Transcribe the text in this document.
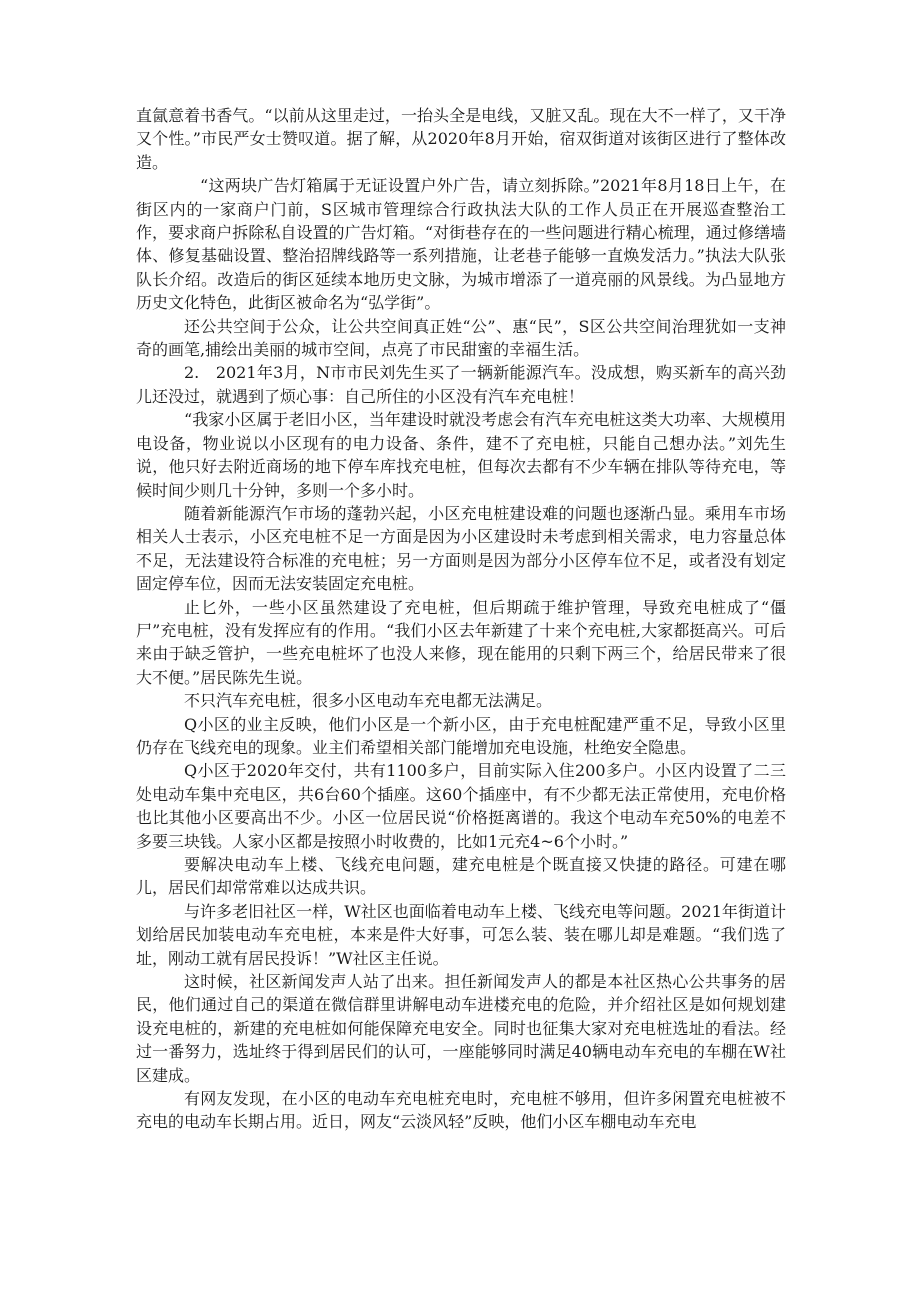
直氤意着书香气。“以前从这里走过，一抬头全是电线，又脏又乱。现在大不一样了，又干净又个性。”市民严女士赞叹道。据了解，从2020年8月开始，宿双街道对该街区进行了整体改造。

“这两块广告灯箱属于无证设置户外广告，请立刻拆除。”2021年8月18日上午，在街区内的一家商户门前，S区城市管理综合行政执法大队的工作人员正在开展巡查整治工作，要求商户拆除私自设置的广告灯箱。“对街巷存在的一些问题进行精心梳理，通过修缮墙体、修复基础设置、整治招牌线路等一系列措施，让老巷子能够一直焕发活力。”执法大队张队长介绍。改造后的街区延续本地历史文脉，为城市增添了一道亮丽的风景线。为凸显地方历史文化特色，此街区被命名为“弘学街”。

还公共空间于公众，让公共空间真正姓“公”、惠“民”，S区公共空间治理犹如一支神奇的画笔,捕绘出美丽的城市空间，点亮了市民甜蜜的幸福生活。

2.　2021年3月，N市市民刘先生买了一辆新能源汽车。没成想，购买新车的高兴劲儿还没过，就遇到了烦心事：自己所住的小区没有汽车充电桩！

“我家小区属于老旧小区，当年建设时就没考虑会有汽车充电桩这类大功率、大规模用电设备，物业说以小区现有的电力设备、条件，建不了充电桩，只能自己想办法。”刘先生说，他只好去附近商场的地下停车库找充电桩，但每次去都有不少车辆在排队等待充电，等候时间少则几十分钟，多则一个多小时。

随着新能源汽乍市场的蓬勃兴起，小区充电桩建设难的问题也逐渐凸显。乘用车市场相关人士表示，小区充电桩不足一方面是因为小区建设时未考虑到相关需求，电力容量总体不足，无法建设符合标准的充电桩；另一方面则是因为部分小区停车位不足，或者没有划定固定停车位，因而无法安装固定充电桩。

止匕外，一些小区虽然建设了充电桩，但后期疏于维护管理，导致充电桩成了“僵尸”充电桩，没有发挥应有的作用。“我们小区去年新建了十来个充电桩,大家都挺高兴。可后来由于缺乏管护，一些充电桩坏了也没人来修，现在能用的只剩下两三个，给居民带来了很大不便。”居民陈先生说。

不只汽车充电桩，很多小区电动车充电都无法满足。

Q小区的业主反映，他们小区是一个新小区，由于充电桩配建严重不足，导致小区里仍存在飞线充电的现象。业主们希望相关部门能增加充电设施，杜绝安全隐患。

Q小区于2020年交付，共有1100多户，目前实际入住200多户。小区内设置了二三处电动车集中充电区，共6台60个插座。这60个插座中，有不少都无法正常使用，充电价格也比其他小区要高出不少。小区一位居民说“价格挺离谱的。我这个电动车充50%的电差不多要三块钱。人家小区都是按照小时收费的，比如1元充4~6个小时。”

要解决电动车上楼、飞线充电问题，建充电桩是个既直接又快捷的路径。可建在哪儿，居民们却常常难以达成共识。

与许多老旧社区一样，W社区也面临着电动车上楼、飞线充电等问题。2021年街道计划给居民加装电动车充电桩，本来是件大好事，可怎么装、装在哪儿却是难题。“我们选了址，刚动工就有居民投诉！”W社区主任说。

这时候，社区新闻发声人站了出来。担任新闻发声人的都是本社区热心公共事务的居民，他们通过自己的渠道在微信群里讲解电动车进楼充电的危险，并介绍社区是如何规划建设充电桩的，新建的充电桩如何能保障充电安全。同时也征集大家对充电桩选址的看法。经过一番努力，选址终于得到居民们的认可，一座能够同时满足40辆电动车充电的车棚在W社区建成。

有网友发现，在小区的电动车充电桩充电时，充电桩不够用，但许多闲置充电桩被不充电的电动车长期占用。近日，网友“云淡风轻”反映，他们小区车棚电动车充电
